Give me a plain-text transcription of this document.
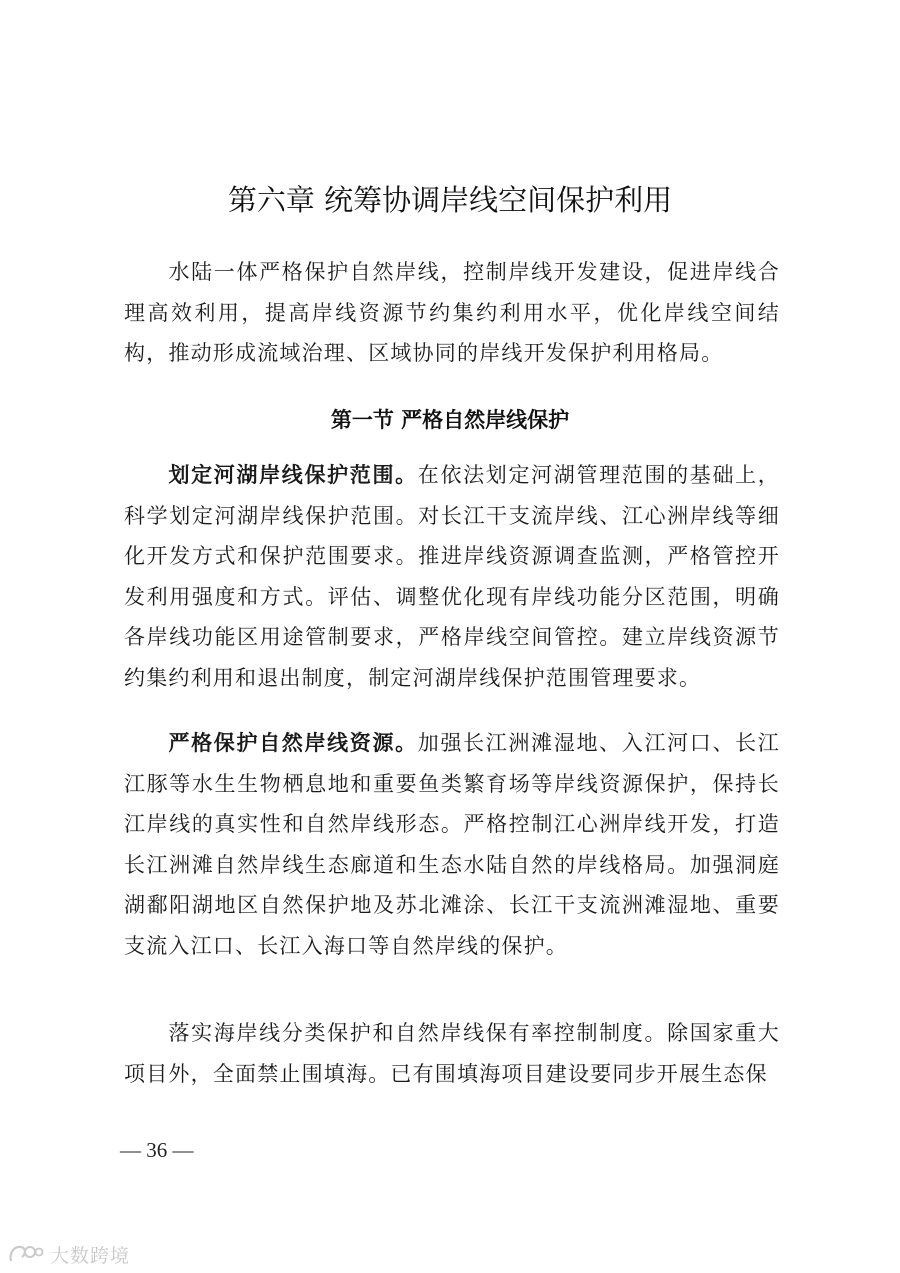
第六章 统筹协调岸线空间保护利用

水陆一体严格保护自然岸线，控制岸线开发建设，促进岸线合理高效利用，提高岸线资源节约集约利用水平，优化岸线空间结构，推动形成流域治理、区域协同的岸线开发保护利用格局。

第一节 严格自然岸线保护

划定河湖岸线保护范围。在依法划定河湖管理范围的基础上，科学划定河湖岸线保护范围。对长江干支流岸线、江心洲岸线等细化开发方式和保护范围要求。推进岸线资源调查监测，严格管控开发利用强度和方式。评估、调整优化现有岸线功能分区范围，明确各岸线功能区用途管制要求，严格岸线空间管控。建立岸线资源节约集约利用和退出制度，制定河湖岸线保护范围管理要求。

严格保护自然岸线资源。加强长江洲滩湿地、入江河口、长江江豚等水生生物栖息地和重要鱼类繁育场等岸线资源保护，保持长江岸线的真实性和自然岸线形态。严格控制江心洲岸线开发，打造长江洲滩自然岸线生态廊道和生态水陆自然的岸线格局。加强洞庭湖鄱阳湖地区自然保护地及苏北滩涂、长江干支流洲滩湿地、重要支流入江口、长江入海口等自然岸线的保护。

落实海岸线分类保护和自然岸线保有率控制制度。除国家重大项目外，全面禁止围填海。已有围填海项目建设要同步开展生态保

— 36 —
大数跨境
